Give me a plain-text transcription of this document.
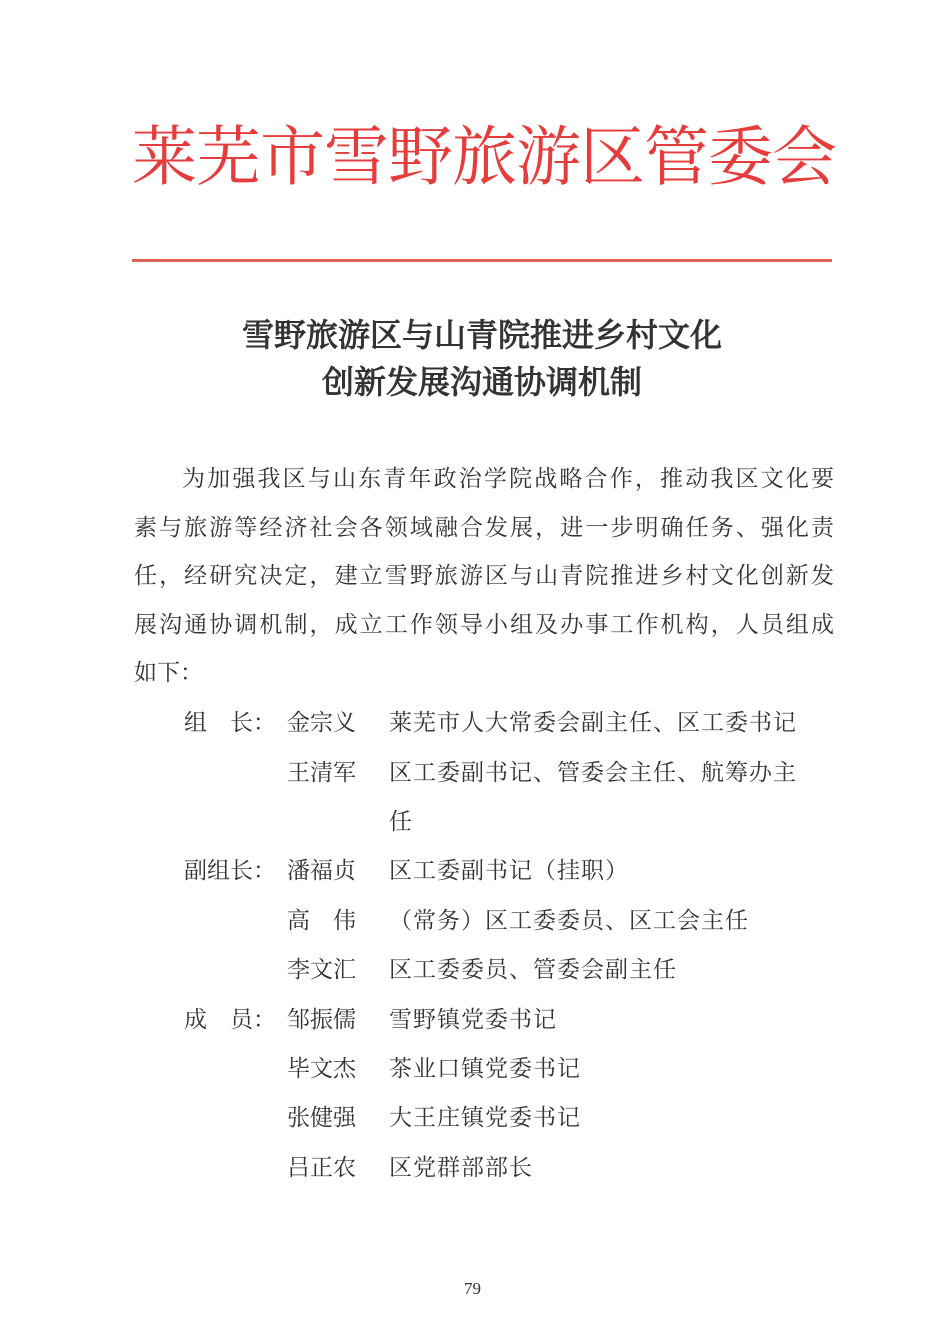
莱芜市雪野旅游区管委会
雪野旅游区与山青院推进乡村文化
创新发展沟通协调机制
为加强我区与山东青年政治学院战略合作，推动我区文化要
素与旅游等经济社会各领域融合发展，进一步明确任务、强化责
任，经研究决定，建立雪野旅游区与山青院推进乡村文化创新发
展沟通协调机制，成立工作领导小组及办事工作机构，人员组成
如下：
组　长： 金宗义 莱芜市人大常委会副主任、区工委书记
王清军 区工委副书记、管委会主任、航筹办主
任
副组长： 潘福贞 区工委副书记（挂职）
高　伟 （常务）区工委委员、区工会主任
李文汇 区工委委员、管委会副主任
成　员： 邹振儒 雪野镇党委书记
毕文杰 茶业口镇党委书记
张健强 大王庄镇党委书记
吕正农 区党群部部长
79
